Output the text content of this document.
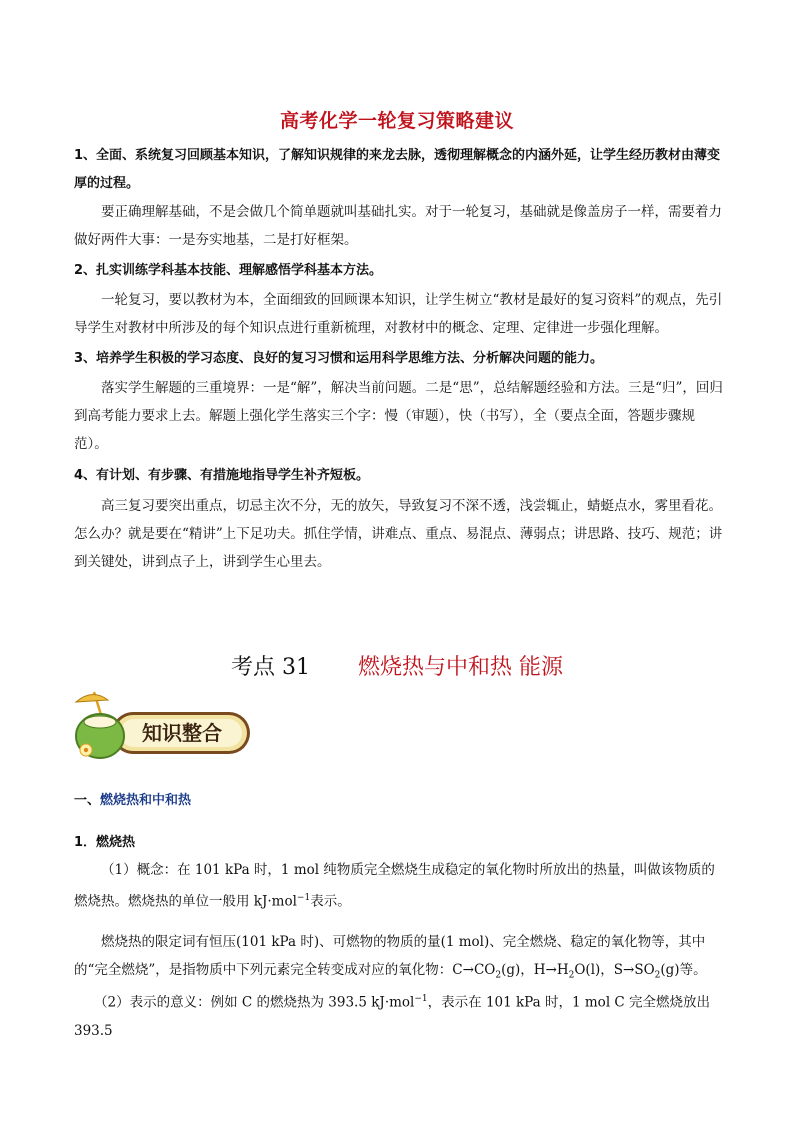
高考化学一轮复习策略建议

1、全面、系统复习回顾基本知识，了解知识规律的来龙去脉，透彻理解概念的内涵外延，让学生经历教材由薄变厚的过程。

要正确理解基础，不是会做几个简单题就叫基础扎实。对于一轮复习，基础就是像盖房子一样，需要着力做好两件大事：一是夯实地基，二是打好框架。

2、扎实训练学科基本技能、理解感悟学科基本方法。

一轮复习，要以教材为本，全面细致的回顾课本知识，让学生树立“教材是最好的复习资料”的观点，先引导学生对教材中所涉及的每个知识点进行重新梳理，对教材中的概念、定理、定律进一步强化理解。

3、培养学生积极的学习态度、良好的复习习惯和运用科学思维方法、分析解决问题的能力。

落实学生解题的三重境界：一是“解”，解决当前问题。二是“思”，总结解题经验和方法。三是“归”，回归到高考能力要求上去。解题上强化学生落实三个字：慢（审题），快（书写），全（要点全面，答题步骤规范）。

4、有计划、有步骤、有措施地指导学生补齐短板。

高三复习要突出重点，切忌主次不分，无的放矢，导致复习不深不透，浅尝辄止，蜻蜓点水，雾里看花。怎么办？就是要在“精讲”上下足功夫。抓住学情，讲难点、重点、易混点、薄弱点；讲思路、技巧、规范；讲到关键处，讲到点子上，讲到学生心里去。

考点 31 燃烧热与中和热 能源
知识整合
一、燃烧热和中和热
1．燃烧热

（1）概念：在 101 kPa 时，1 mol 纯物质完全燃烧生成稳定的氧化物时所放出的热量，叫做该物质的燃烧热。燃烧热的单位一般用 kJ·mol$^{-1}$表示。

燃烧热的限定词有恒压(101 kPa 时)、可燃物的物质的量(1 mol)、完全燃烧、稳定的氧化物等，其中的“完全燃烧”，是指物质中下列元素完全转变成对应的氧化物：$C\to CO_2(g)$，$H\to H_2O(l)$，$S\to SO_2(g)$等。

（2）表示的意义：例如 C 的燃烧热为 393.5 kJ·mol$^{-1}$，表示在 101 kPa 时，1 mol C 完全燃烧放出 393.5
